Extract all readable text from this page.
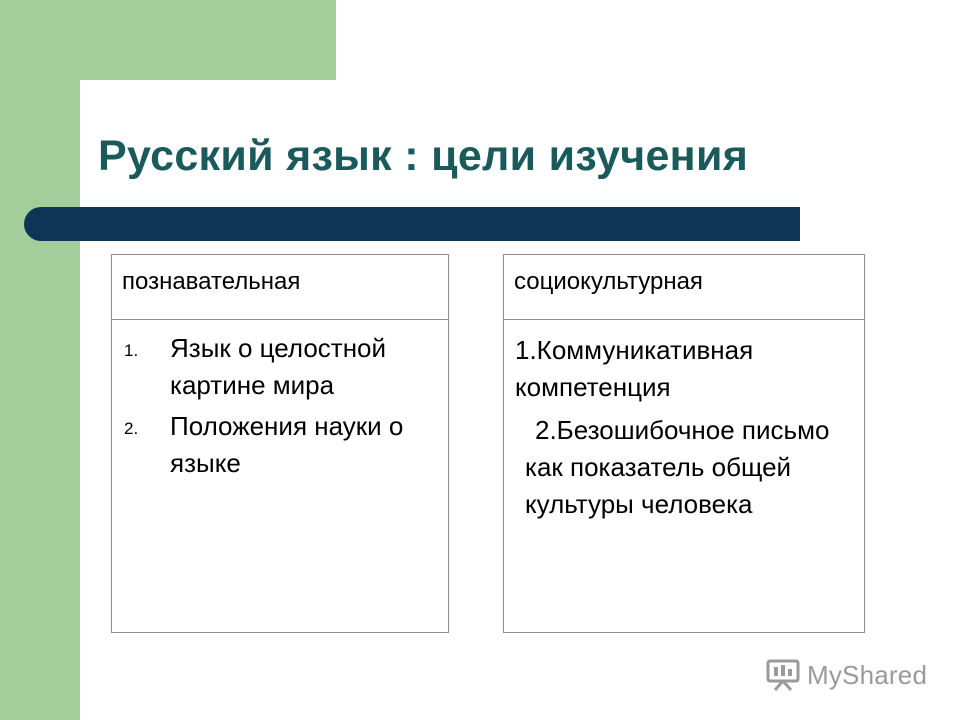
Русский язык : цели изучения
познавательная
1. Язык о целостной картине мира
2. Положения науки о языке
социокультурная

1.Коммуникативная компетенция

2.Безошибочное письмо как показатель общей культуры человека

MyShared
